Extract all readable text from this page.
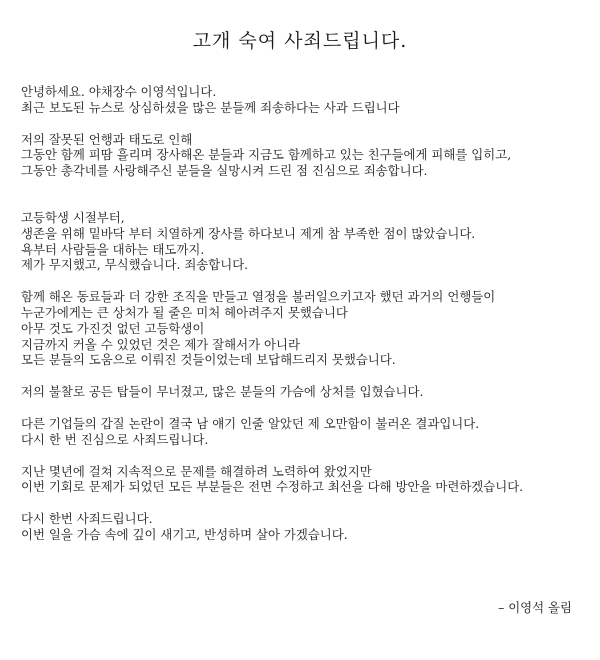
고개 숙여 사죄드립니다.
안녕하세요. 야채장수 이영석입니다.
최근 보도된 뉴스로 상심하셨을 많은 분들께 죄송하다는 사과 드립니다
저의 잘못된 언행과 태도로 인해
그동안 함께 피땀 흘리며 장사해온 분들과 지금도 함께하고 있는 친구들에게 피해를 입히고,
그동안 총각네를 사랑해주신 분들을 실망시켜 드린 점 진심으로 죄송합니다.
고등학생 시절부터,
생존을 위해 밑바닥 부터 치열하게 장사를 하다보니 제게 참 부족한 점이 많았습니다.
욕부터 사람들을 대하는 태도까지.
제가 무지했고, 무식했습니다. 죄송합니다.
함께 해온 동료들과 더 강한 조직을 만들고 열정을 불러일으키고자 했던 과거의 언행들이
누군가에게는 큰 상처가 될 줄은 미처 헤아려주지 못했습니다
아무 것도 가진것 없던 고등학생이
지금까지 커올 수 있었던 것은 제가 잘해서가 아니라
모든 분들의 도움으로 이뤄진 것들이었는데 보답해드리지 못했습니다.
저의 불찰로 공든 탑들이 무너졌고, 많은 분들의 가슴에 상처를 입혔습니다.
다른 기업들의 갑질 논란이 결국 남 얘기 인줄 알았던 제 오만함이 불러온 결과입니다.
다시 한 번 진심으로 사죄드립니다.
지난 몇년에 걸쳐 지속적으로 문제를 해결하려 노력하여 왔었지만
이번 기회로 문제가 되었던 모든 부분들은 전면 수정하고 최선을 다해 방안을 마련하겠습니다.
다시 한번 사죄드립니다.
이번 일을 가슴 속에 깊이 새기고, 반성하며 살아 가겠습니다.
– 이영석 올림
